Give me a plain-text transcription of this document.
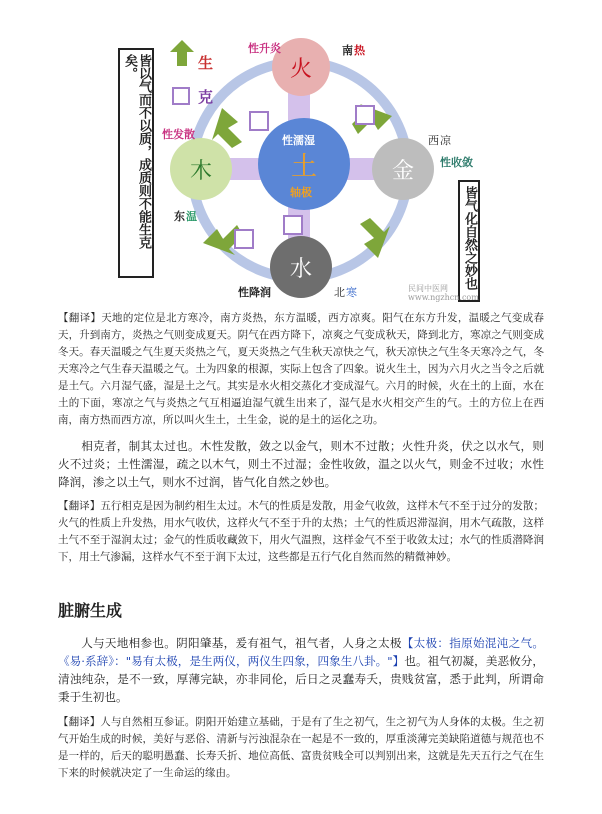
皆以气而不以质，成质则不能生克矣。
皆气化自然之妙也
生
克
火
性升炎	南 热
土
性濡湿
轴极
木
性发散
东 温
金
西 凉
性收敛
水
性降润	北 寒	民间中医网
www.ngzhcn.com
【翻译】天地的定位是北方寒冷，南方炎热，东方温暖，西方凉爽。阳气在东方升发，温暖之气变成春天，升到南方，炎热之气则变成夏天。阴气在西方降下，凉爽之气变成秋天，降到北方，寒凉之气则变成冬天。春天温暖之气生夏天炎热之气，夏天炎热之气生秋天凉快之气，秋天凉快之气生冬天寒冷之气，冬天寒冷之气生春天温暖之气。土为四象的根源，实际上包含了四象。说火生土，因为六月火之当令之后就是土气。六月湿气盛，湿是土之气。其实是水火相交蒸化才变成湿气。六月的时候，火在土的上面，水在土的下面，寒凉之气与炎热之气互相逼迫湿气就生出来了，湿气是水火相交产生的气。土的方位上在西南，南方热而西方凉，所以叫火生土，土生金，说的是土的运化之功。
相克者，制其太过也。木性发散，敛之以金气，则木不过散；火性升炎，伏之以水气，则火不过炎；土性濡湿，疏之以木气，则土不过湿；金性收敛，温之以火气，则金不过收；水性降润，渗之以土气，则水不过润，皆气化自然之妙也。
【翻译】五行相克是因为制约相生太过。木气的性质是发散，用金气收敛，这样木气不至于过分的发散；火气的性质上升发热，用水气收伏，这样火气不至于升的太热；土气的性质迟滞湿润，用木气疏散，这样土气不至于湿润太过；金气的性质收藏敛下，用火气温煦，这样金气不至于收敛太过；水气的性质潜降润下，用土气渗漏，这样水气不至于润下太过，这些都是五行气化自然而然的精微神妙。
脏腑生成
人与天地相参也。阴阳肇基，爰有祖气，祖气者，人身之太极【太极：指原始混沌之气。《易·系辞》："易有太极，是生两仪，两仪生四象，四象生八卦。"】也。祖气初凝，美恶攸分，清浊纯杂，是不一致，厚薄完缺，亦非同伦，后日之灵蠢寿夭，贵贱贫富，悉于此判，所谓命秉于生初也。
【翻译】人与自然相互参证。阴阳开始建立基础，于是有了生之初气，生之初气为人身体的太极。生之初气开始生成的时候，美好与恶俗、清新与污浊混杂在一起是不一致的，厚重淡薄完美缺陷道德与规范也不是一样的，后天的聪明愚蠢、长寿夭折、地位高低、富贵贫贱全可以判别出来，这就是先天五行之气在生下来的时候就决定了一生命运的缘由。
